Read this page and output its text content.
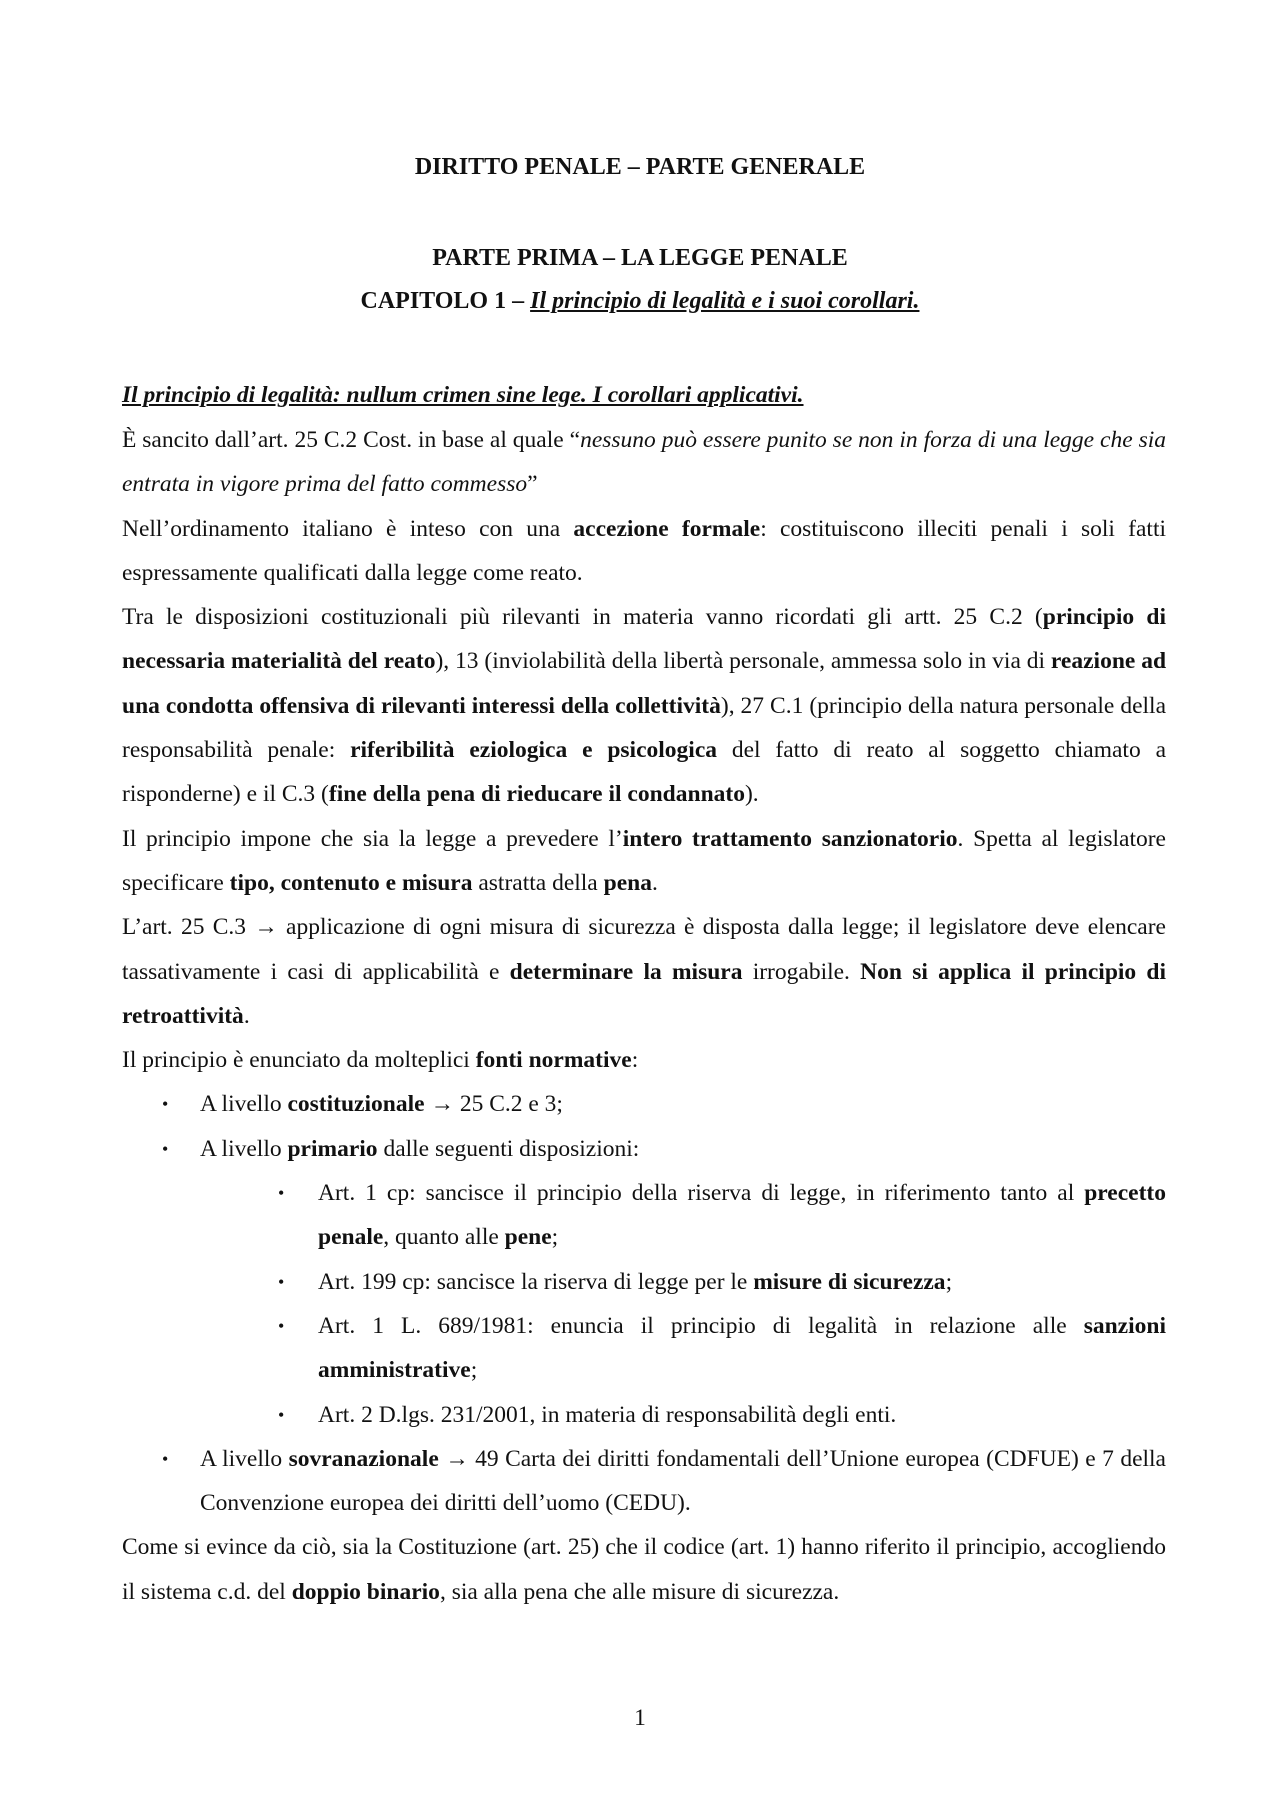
DIRITTO PENALE – PARTE GENERALE
PARTE PRIMA – LA LEGGE PENALE
CAPITOLO 1 – Il principio di legalità e i suoi corollari.
Il principio di legalità: nullum crimen sine lege. I corollari applicativi.

È sancito dall’art. 25 C.2 Cost. in base al quale “nessuno può essere punito se non in forza di una legge che sia entrata in vigore prima del fatto commesso”

Nell’ordinamento italiano è inteso con una accezione formale: costituiscono illeciti penali i soli fatti espressamente qualificati dalla legge come reato.

Tra le disposizioni costituzionali più rilevanti in materia vanno ricordati gli artt. 25 C.2 (principio di necessaria materialità del reato), 13 (inviolabilità della libertà personale, ammessa solo in via di reazione ad una condotta offensiva di rilevanti interessi della collettività), 27 C.1 (principio della natura personale della responsabilità penale: riferibilità eziologica e psicologica del fatto di reato al soggetto chiamato a risponderne) e il C.3 (fine della pena di rieducare il condannato).

Il principio impone che sia la legge a prevedere l’intero trattamento sanzionatorio. Spetta al legislatore specificare tipo, contenuto e misura astratta della pena.

L’art. 25 C.3 → applicazione di ogni misura di sicurezza è disposta dalla legge; il legislatore deve elencare tassativamente i casi di applicabilità e determinare la misura irrogabile. Non si applica il principio di retroattività.

Il principio è enunciato da molteplici fonti normative:

• A livello costituzionale → 25 C.2 e 3;
• A livello primario dalle seguenti disposizioni:
• Art. 1 cp: sancisce il principio della riserva di legge, in riferimento tanto al precetto penale, quanto alle pene;
• Art. 199 cp: sancisce la riserva di legge per le misure di sicurezza;
• Art. 1 L. 689/1981: enuncia il principio di legalità in relazione alle sanzioni amministrative;
• Art. 2 D.lgs. 231/2001, in materia di responsabilità degli enti.
• A livello sovranazionale → 49 Carta dei diritti fondamentali dell’Unione europea (CDFUE) e 7 della Convenzione europea dei diritti dell’uomo (CEDU).

Come si evince da ciò, sia la Costituzione (art. 25) che il codice (art. 1) hanno riferito il principio, accogliendo il sistema c.d. del doppio binario, sia alla pena che alle misure di sicurezza.

1
